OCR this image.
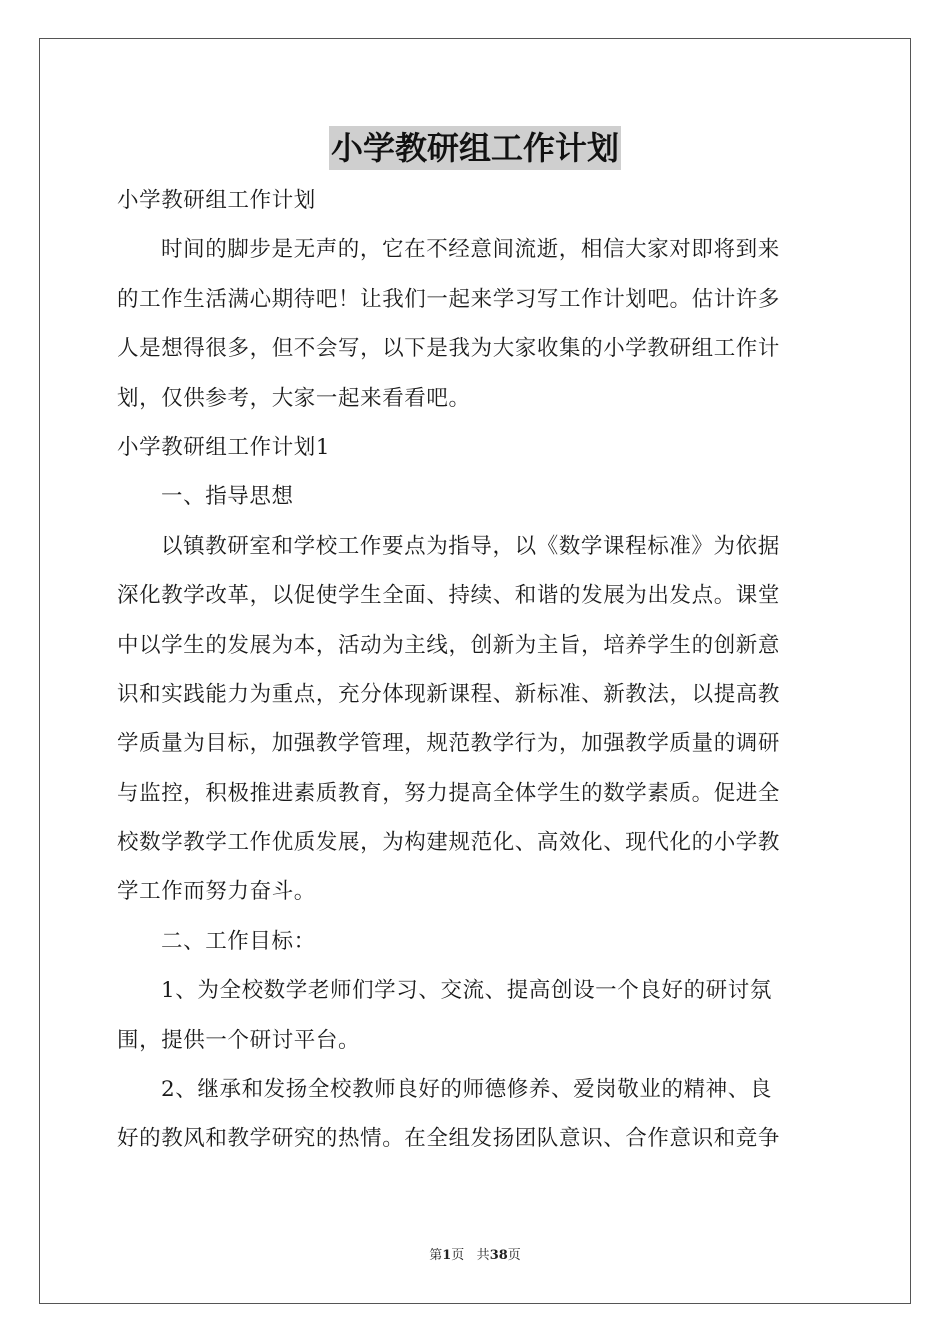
小学教研组工作计划
小学教研组工作计划
时间的脚步是无声的，它在不经意间流逝，相信大家对即将到来
的工作生活满心期待吧！让我们一起来学习写工作计划吧。估计许多
人是想得很多，但不会写，以下是我为大家收集的小学教研组工作计
划，仅供参考，大家一起来看看吧。
小学教研组工作计划1
一、指导思想
以镇教研室和学校工作要点为指导，以《数学课程标准》为依据
深化教学改革，以促使学生全面、持续、和谐的发展为出发点。课堂
中以学生的发展为本，活动为主线，创新为主旨，培养学生的创新意
识和实践能力为重点，充分体现新课程、新标准、新教法，以提高教
学质量为目标，加强教学管理，规范教学行为，加强教学质量的调研
与监控，积极推进素质教育，努力提高全体学生的数学素质。促进全
校数学教学工作优质发展，为构建规范化、高效化、现代化的小学教
学工作而努力奋斗。
二、工作目标：
1、为全校数学老师们学习、交流、提高创设一个良好的研讨氛
围，提供一个研讨平台。
2、继承和发扬全校教师良好的师德修养、爱岗敬业的精神、良
好的教风和教学研究的热情。在全组发扬团队意识、合作意识和竞争
第1页 共38页
